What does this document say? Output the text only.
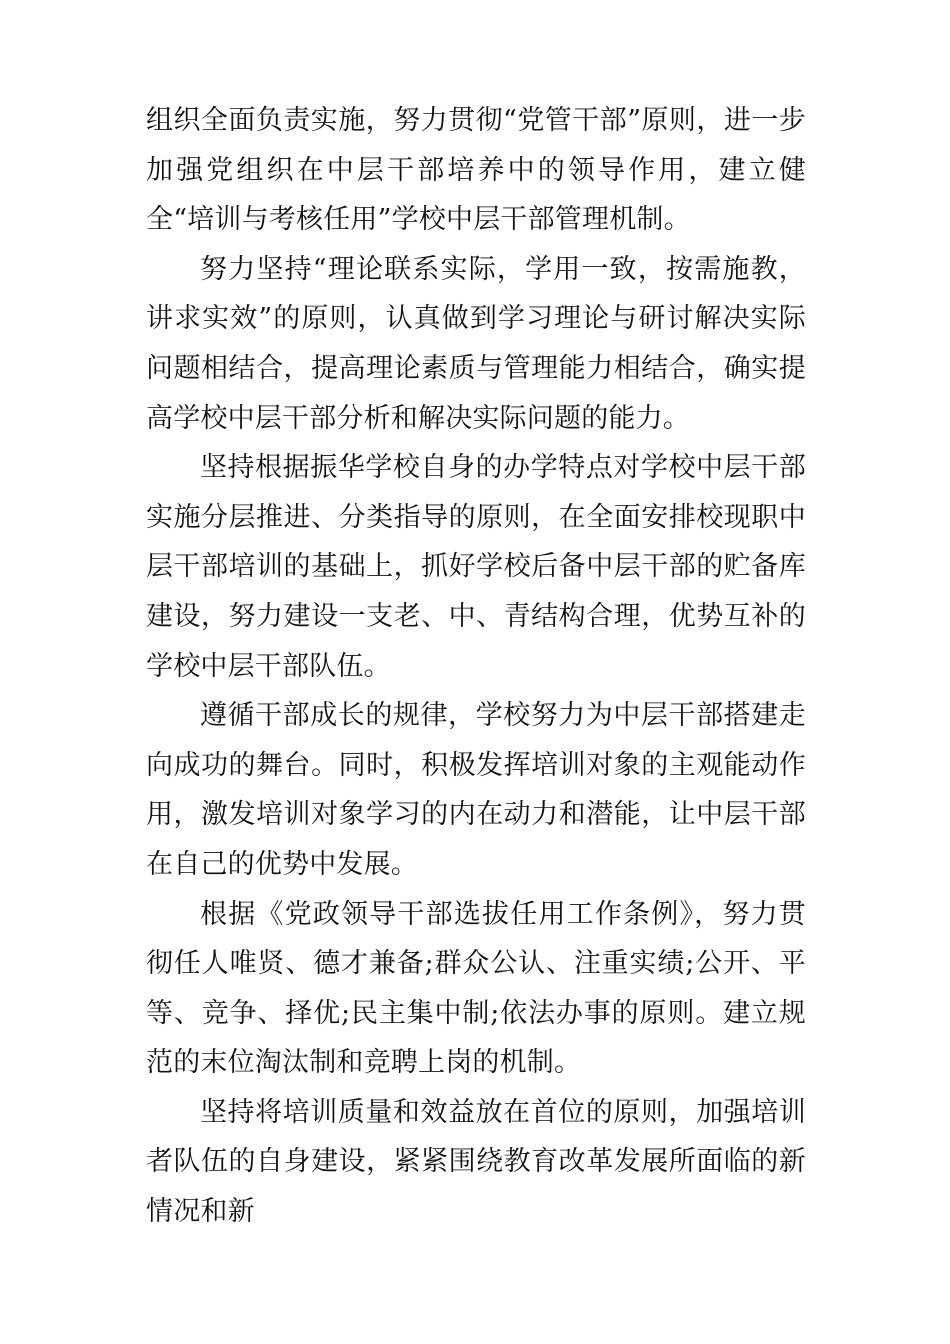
组织全面负责实施，努力贯彻“党管干部”原则，进一步加强党组织在中层干部培养中的领导作用，建立健全“培训与考核任用”学校中层干部管理机制。

努力坚持“理论联系实际，学用一致，按需施教，讲求实效”的原则，认真做到学习理论与研讨解决实际问题相结合，提高理论素质与管理能力相结合，确实提高学校中层干部分析和解决实际问题的能力。

坚持根据振华学校自身的办学特点对学校中层干部实施分层推进、分类指导的原则，在全面安排校现职中层干部培训的基础上，抓好学校后备中层干部的贮备库建设，努力建设一支老、中、青结构合理，优势互补的学校中层干部队伍。

遵循干部成长的规律，学校努力为中层干部搭建走向成功的舞台。同时，积极发挥培训对象的主观能动作用，激发培训对象学习的内在动力和潜能，让中层干部在自己的优势中发展。

根据《党政领导干部选拔任用工作条例》，努力贯彻任人唯贤、德才兼备;群众公认、注重实绩;公开、平等、竞争、择优;民主集中制;依法办事的原则。建立规范的末位淘汰制和竞聘上岗的机制。

坚持将培训质量和效益放在首位的原则，加强培训者队伍的自身建设，紧紧围绕教育改革发展所面临的新情况和新
